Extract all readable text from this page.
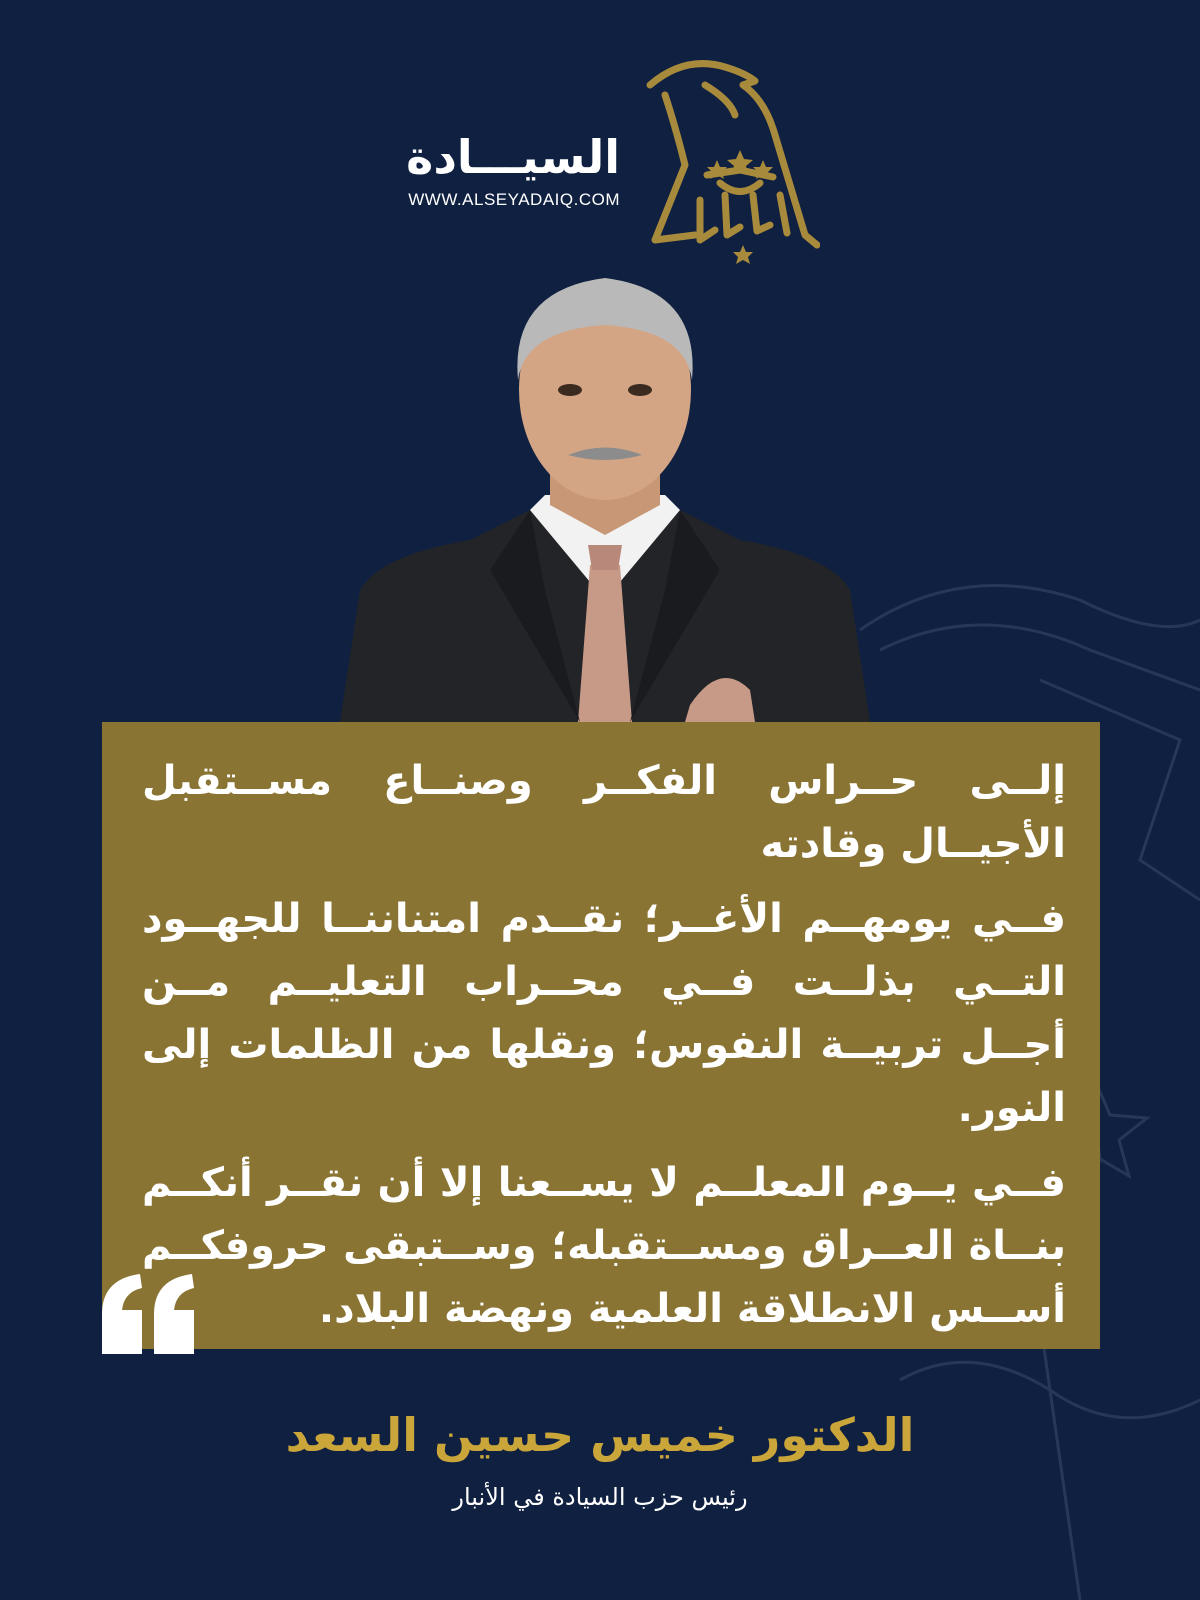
السيـــادة
WWW.ALSEYADAIQ.COM

إلــى حــراس الفكــر وصنــاع مســتقبل الأجيــال وقادته

فــي يومهــم الأغــر؛ نقــدم امتناننــا للجهــود التــي بذلــت فــي محــراب التعليــم مــن أجــل تربيــة النفوس؛ ونقلها من الظلمات إلى النور.

فــي يــوم المعلــم لا يســعنا إلا أن نقــر أنكــم بنــاة العــراق ومســتقبله؛ وســتبقى حروفكــم أســس الانطلاقة العلمية ونهضة البلاد.

الدكتور خميس حسين السعد
رئيس حزب السيادة في الأنبار
